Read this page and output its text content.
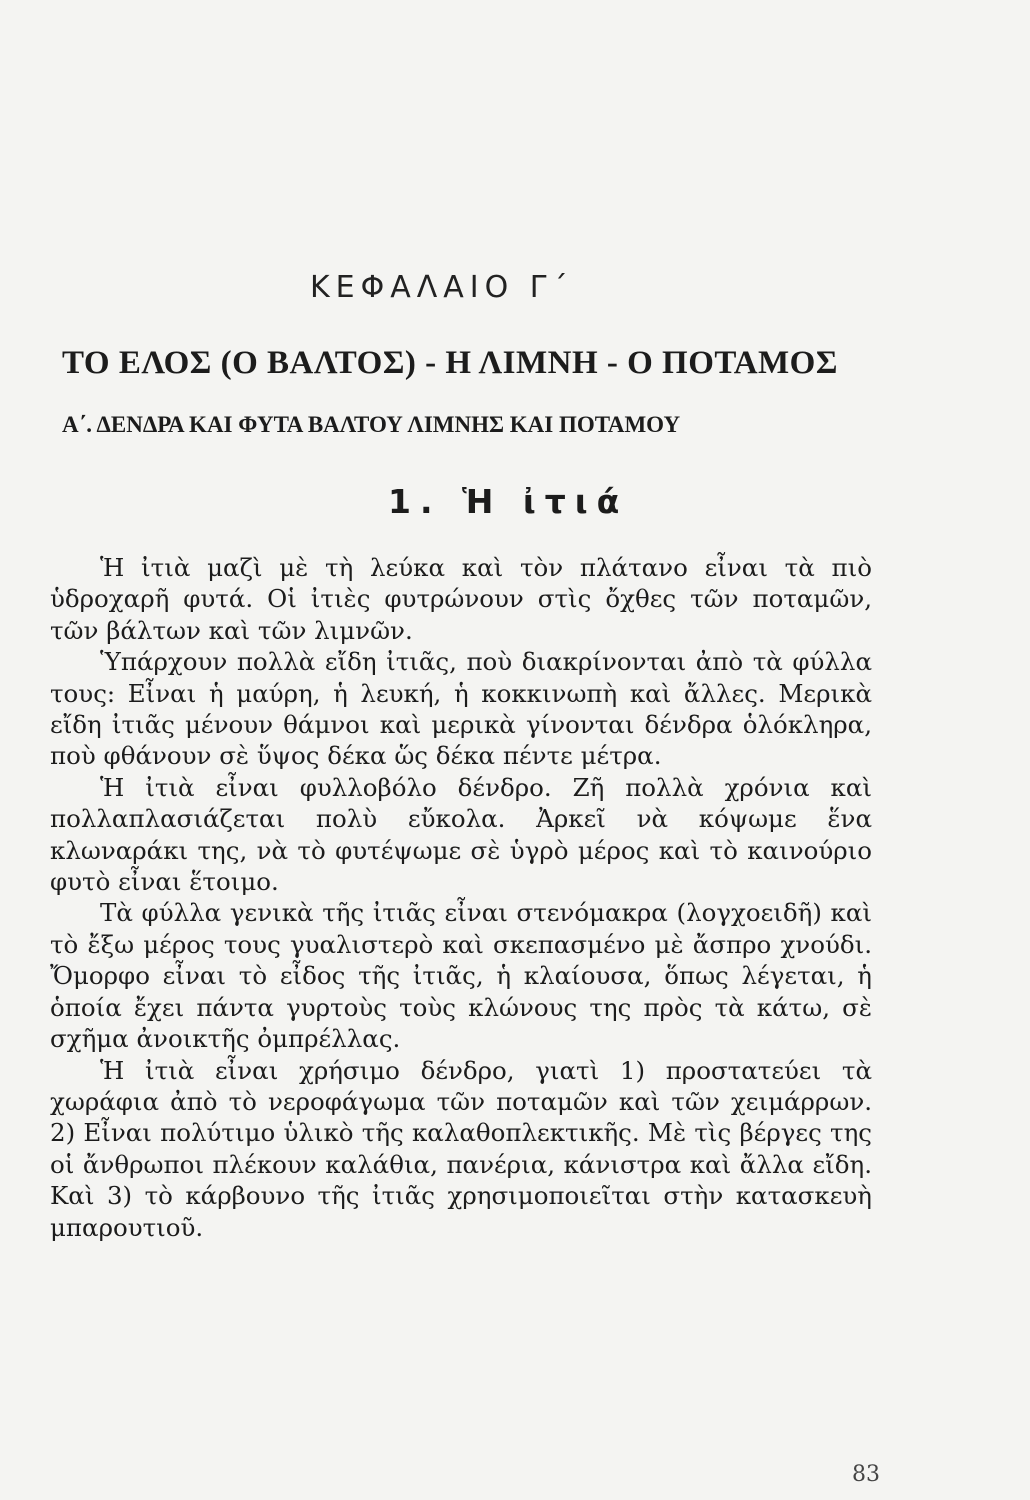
ΚΕΦΑΛΑΙΟ Γ΄
ΤΟ ΕΛΟΣ (Ο ΒΑΛΤΟΣ) - Η ΛΙΜΝΗ - Ο ΠΟΤΑΜΟΣ
Α΄. ΔΕΝΔΡΑ ΚΑΙ ΦΥΤΑ ΒΑΛΤΟΥ ΛΙΜΝΗΣ ΚΑΙ ΠΟΤΑΜΟΥ
1. Ἡ ἰτιά

Ἡ ἰτιὰ μαζὶ μὲ τὴ λεύκα καὶ τὸν πλάτανο εἶναι τὰ πιὸ ὑδροχαρῆ φυτά. Οἱ ἰτιὲς φυτρώνουν στὶς ὄχθες τῶν ποταμῶν, τῶν βάλτων καὶ τῶν λιμνῶν.

Ὑπάρχουν πολλὰ εἴδη ἰτιᾶς, ποὺ διακρίνονται ἀπὸ τὰ φύλλα τους: Εἶναι ἡ μαύρη, ἡ λευκή, ἡ κοκκινωπὴ καὶ ἄλλες. Μερικὰ εἴδη ἰτιᾶς μένουν θάμνοι καὶ μερικὰ γίνονται δένδρα ὁλόκληρα, ποὺ φθάνουν σὲ ὕψος δέκα ὥς δέκα πέντε μέτρα.

Ἡ ἰτιὰ εἶναι φυλλοβόλο δένδρο. Ζῆ πολλὰ χρόνια καὶ πολλαπλασιάζεται πολὺ εὔκολα. Ἀρκεῖ νὰ κόψωμε ἕνα κλωναράκι της, νὰ τὸ φυτέψωμε σὲ ὑγρὸ μέρος καὶ τὸ καινούριο φυτὸ εἶναι ἕτοιμο.

Τὰ φύλλα γενικὰ τῆς ἰτιᾶς εἶναι στενόμακρα (λογχοειδῆ) καὶ τὸ ἔξω μέρος τους γυαλιστερὸ καὶ σκεπασμένο μὲ ἄσπρο χνούδι. Ὄμορφο εἶναι τὸ εἶδος τῆς ἰτιᾶς, ἡ κλαίουσα, ὅπως λέγεται, ἡ ὁποία ἔχει πάντα γυρτοὺς τοὺς κλώνους της πρὸς τὰ κάτω, σὲ σχῆμα ἀνοικτῆς ὀμπρέλλας.

Ἡ ἰτιὰ εἶναι χρήσιμο δένδρο, γιατὶ 1) προστατεύει τὰ χωράφια ἀπὸ τὸ νεροφάγωμα τῶν ποταμῶν καὶ τῶν χειμάρρων. 2) Εἶναι πολύτιμο ὑλικὸ τῆς καλαθοπλεκτικῆς. Μὲ τὶς βέργες της οἱ ἄνθρωποι πλέκουν καλάθια, πανέρια, κάνιστρα καὶ ἄλλα εἴδη. Καὶ 3) τὸ κάρβουνο τῆς ἰτιᾶς χρησιμοποιεῖται στὴν κατασκευὴ μπαρουτιοῦ.

83
